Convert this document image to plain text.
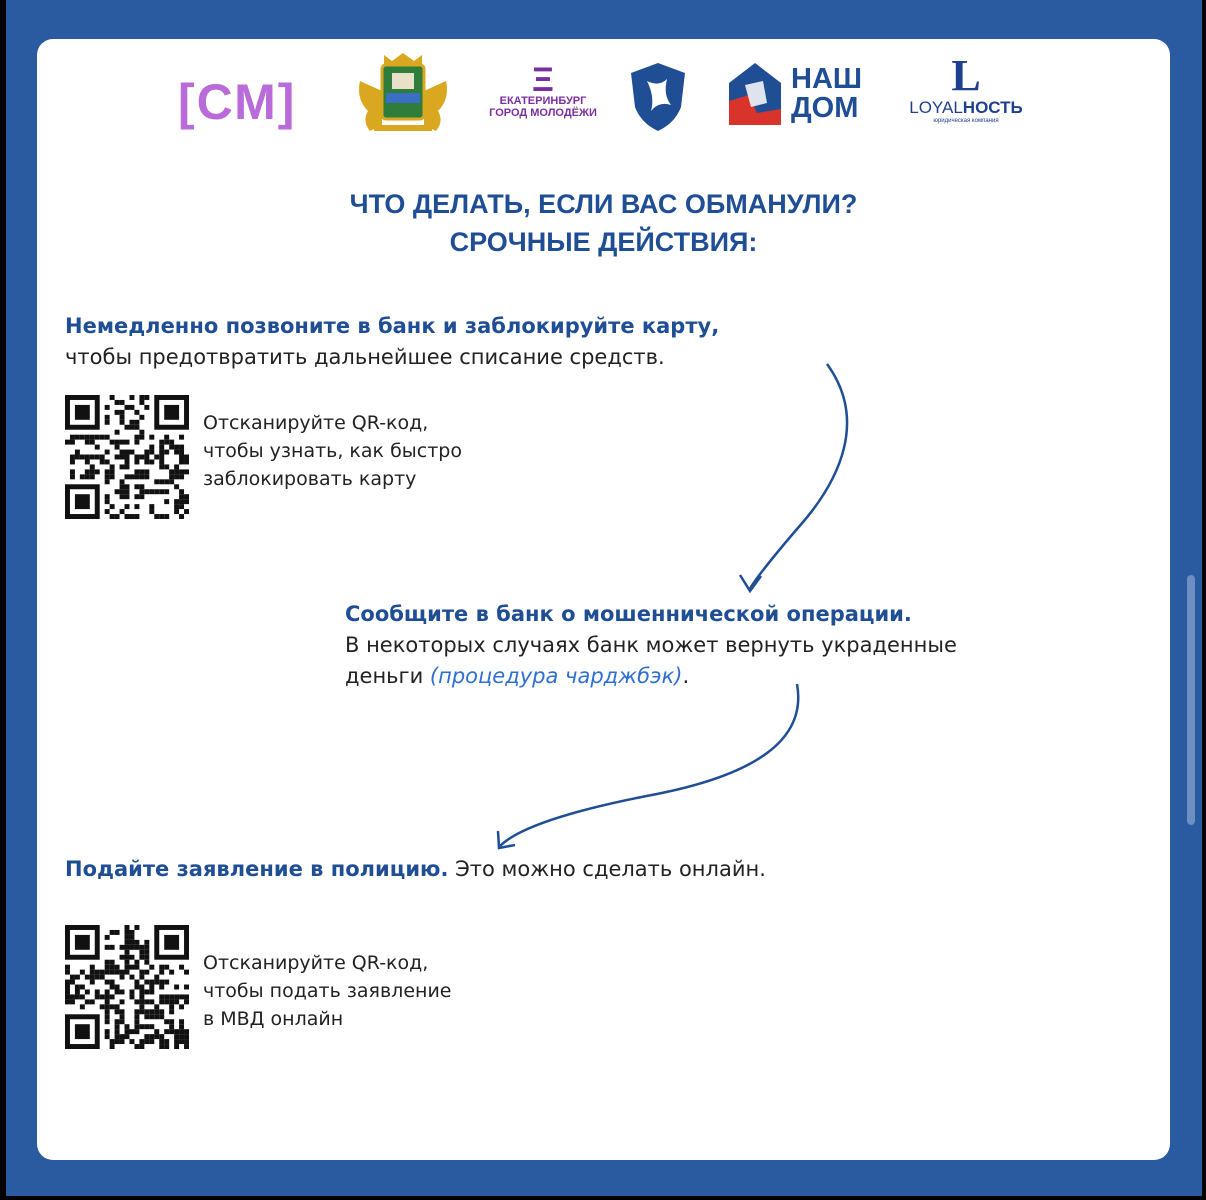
[СМ]	Ξ
ЕКАТЕРИНБУРГ
ГОРОД МОЛОДЁЖИ
НАШ
ДОМ
L
LOYALНОСТЬ
юридическая компания
ЧТО ДЕЛАТЬ, ЕСЛИ ВАС ОБМАНУЛИ?
СРОЧНЫЕ ДЕЙСТВИЯ:
Немедленно позвоните в банк и заблокируйте карту,
чтобы предотвратить дальнейшее списание средств.
Отсканируйте QR-код,
чтобы узнать, как быстро
заблокировать карту
Сообщите в банк о мошеннической операции.
В некоторых случаях банк может вернуть украденные
деньги (процедура чарджбэк).
Подайте заявление в полицию. Это можно сделать онлайн.
Отсканируйте QR-код,
чтобы подать заявление
в МВД онлайн
